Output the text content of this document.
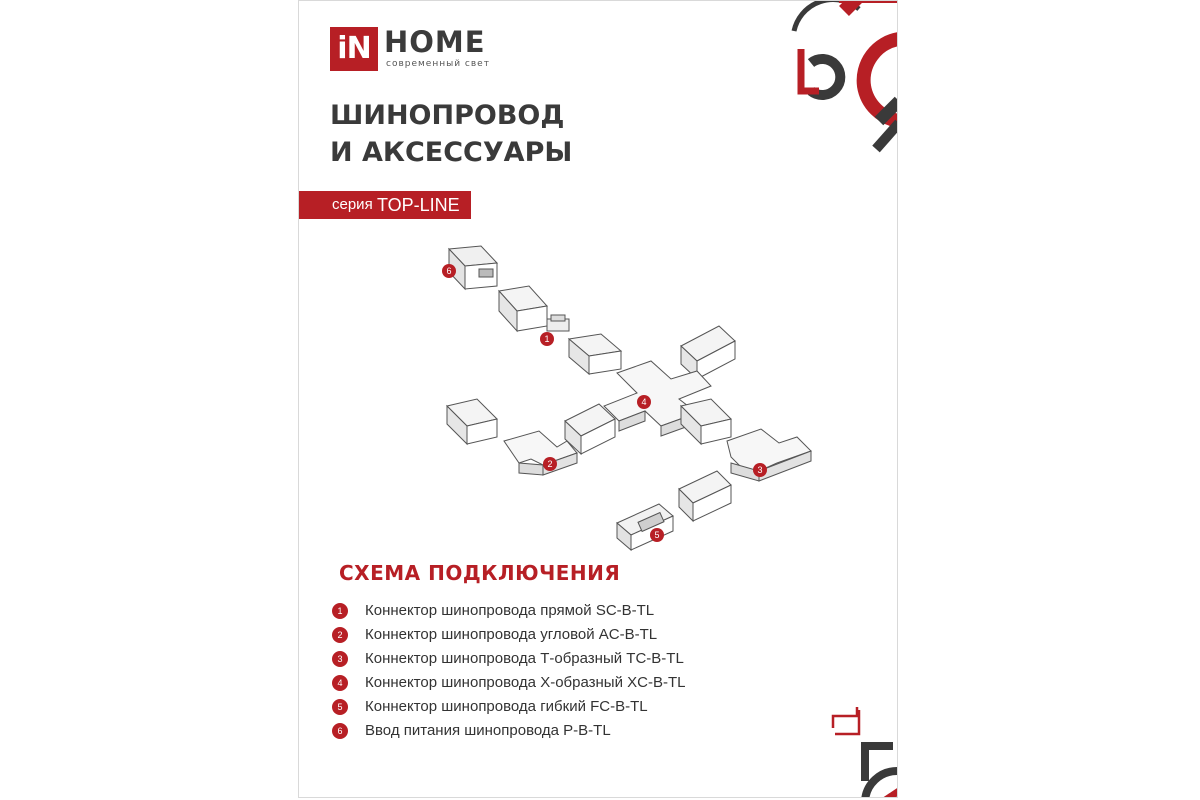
iN HOME
современный свет
ШИНОПРОВОД
И АКСЕССУАРЫ
серия TOP-LINE
6
1
4
2
3
5
СХЕМА ПОДКЛЮЧЕНИЯ
1	Коннектор шинопровода прямой SC-B-TL
2	Коннектор шинопровода угловой AC-B-TL
3	Коннектор шинопровода Т-образный TC-B-TL
4	Коннектор шинопровода Х-образный XC-B-TL
5	Коннектор шинопровода гибкий FC-B-TL
6	Ввод питания шинопровода P-B-TL
